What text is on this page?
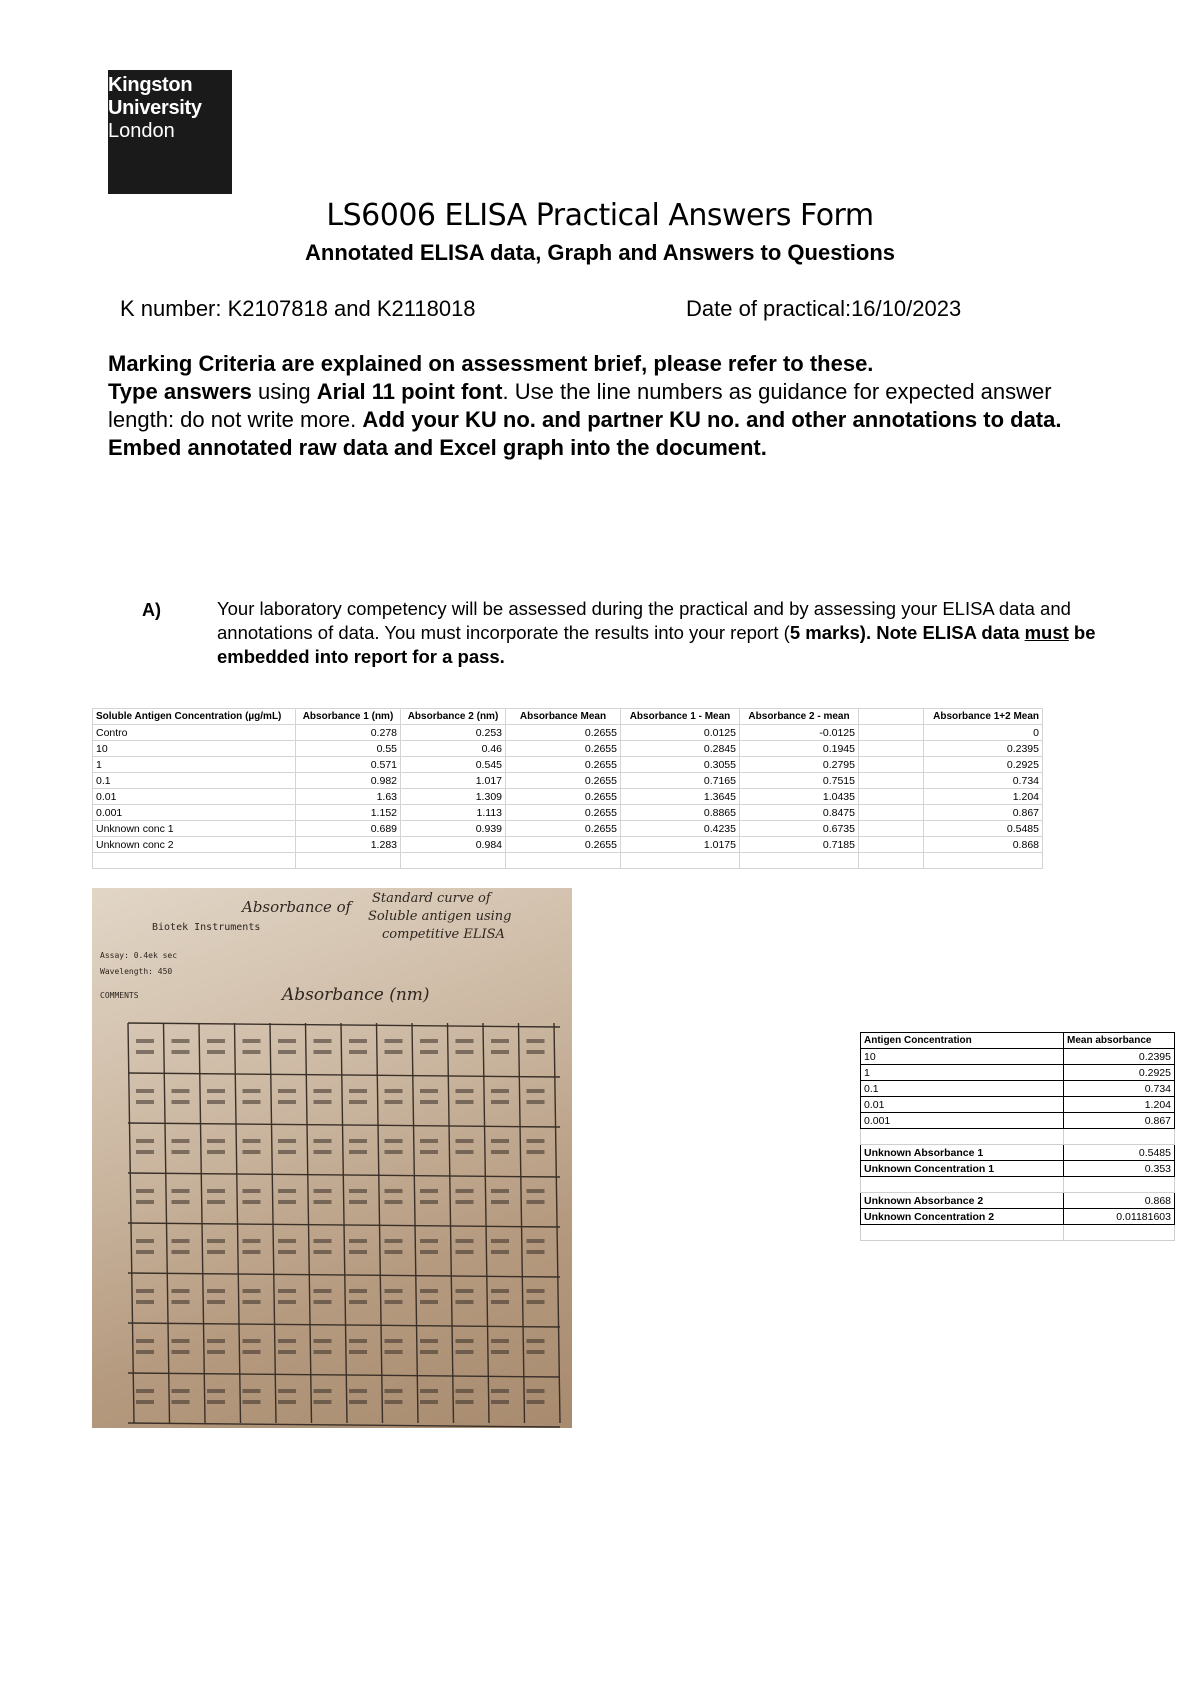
Kingston
University
London
LS6006 ELISA Practical Answers Form
Annotated ELISA data, Graph and Answers to Questions
K number: K2107818 and K2118018	Date of practical:16/10/2023
Marking Criteria are explained on assessment brief, please refer to these.
Type answers using Arial 11 point font. Use the line numbers as guidance for expected answer length: do not write more. Add your KU no. and partner KU no. and other annotations to data. Embed annotated raw data and Excel graph into the document.
A)	Your laboratory competency will be assessed during the practical and by assessing your ELISA data and annotations of data. You must incorporate the results into your report (5 marks). Note ELISA data must be embedded into report for a pass.
Soluble Antigen Concentration (µg/mL)	Absorbance 1 (nm)	Absorbance 2 (nm)	Absorbance Mean	Absorbance 1 - Mean	Absorbance 2 - mean		Absorbance 1+2 Mean
Contro	0.278	0.253	0.2655	0.0125	-0.0125		0
10	0.55	0.46	0.2655	0.2845	0.1945		0.2395
1	0.571	0.545	0.2655	0.3055	0.2795		0.2925
0.1	0.982	1.017	0.2655	0.7165	0.7515		0.734
0.01	1.63	1.309	0.2655	1.3645	1.0435		1.204
0.001	1.152	1.113	0.2655	0.8865	0.8475		0.867
Unknown conc 1	0.689	0.939	0.2655	0.4235	0.6735		0.5485
Unknown conc 2	1.283	0.984	0.2655	1.0175	0.7185		0.868

Absorbance of Standard curve of
Soluble antigen using
competitive ELISA
Biotek Instruments
Absorbance (nm)
Assay: 0.4ek sec
Wavelength: 450
COMMENTS
Antigen Concentration	Mean absorbance
10	0.2395
1	0.2925
0.1	0.734
0.01	1.204
0.001	0.867

Unknown Absorbance 1	0.5485
Unknown Concentration 1	0.353

Unknown Absorbance 2	0.868
Unknown Concentration 2	0.01181603
